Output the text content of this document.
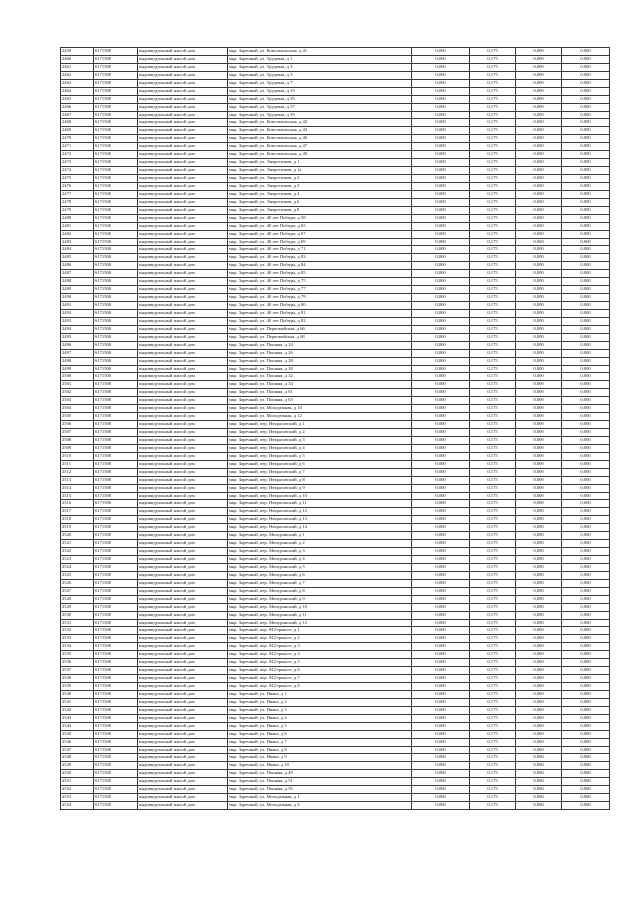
2459	6171500	индивидуальный жилой дом	мкр. Заречный, ул. Комсомольская, д 41	0,000	0,175	0,000	0,000
2460	6171500	индивидуальный жилой дом	мкр. Заречный, ул. Трудовая, д 1	0,000	0,175	0,000	0,000
2461	6171500	индивидуальный жилой дом	мкр. Заречный, ул. Трудовая, д 3	0,000	0,175	0,000	0,000
2462	6171500	индивидуальный жилой дом	мкр. Заречный, ул. Трудовая, д 5	0,000	0,175	0,000	0,000
2463	6171500	индивидуальный жилой дом	мкр. Заречный, ул. Трудовая, д 7	0,000	0,175	0,000	0,000
2464	6171500	индивидуальный жилой дом	мкр. Заречный, ул. Трудовая, д 19	0,000	0,175	0,000	0,000
2465	6171500	индивидуальный жилой дом	мкр. Заречный, ул. Трудовая, д 35	0,000	0,175	0,000	0,000
2466	6171500	индивидуальный жилой дом	мкр. Заречный, ул. Трудовая, д 37	0,000	0,175	0,000	0,000
2467	6171500	индивидуальный жилой дом	мкр. Заречный, ул. Трудовая, д 39	0,000	0,175	0,000	0,000
2468	6171500	индивидуальный жилой дом	мкр. Заречный, ул. Комсомольская, д 42	0,000	0,175	0,000	0,000
2469	6171500	индивидуальный жилой дом	мкр. Заречный, ул. Комсомольская, д 43	0,000	0,175	0,000	0,000
2470	6171500	индивидуальный жилой дом	мкр. Заречный, ул. Комсомольская, д 46	0,000	0,175	0,000	0,000
2471	6171500	индивидуальный жилой дом	мкр. Заречный, ул. Комсомольская, д 47	0,000	0,175	0,000	0,000
2472	6171500	индивидуальный жилой дом	мкр. Заречный, ул. Комсомольская, д 48	0,000	0,175	0,000	0,000
2473	6171500	индивидуальный жилой дом	мкр. Заречный, ул. Энергетиков, д 1	0,000	0,175	0,000	0,000
2474	6171500	индивидуальный жилой дом	мкр. Заречный, ул. Энергетиков, д 1а	0,000	0,175	0,000	0,000
2475	6171500	индивидуальный жилой дом	мкр. Заречный, ул. Энергетиков, д 2	0,000	0,175	0,000	0,000
2476	6171500	индивидуальный жилой дом	мкр. Заречный, ул. Энергетиков, д 3	0,000	0,175	0,000	0,000
2477	6171500	индивидуальный жилой дом	мкр. Заречный, ул. Энергетиков, д 4	0,000	0,175	0,000	0,000
2478	6171500	индивидуальный жилой дом	мкр. Заречный, ул. Энергетиков, д 6	0,000	0,175	0,000	0,000
2479	6171500	индивидуальный жилой дом	мкр. Заречный, ул. Энергетиков, д 8	0,000	0,175	0,000	0,000
2480	6171500	индивидуальный жилой дом	мкр. Заречный, ул. 40 лет Победы, д 58	0,000	0,175	0,000	0,000
2481	6171500	индивидуальный жилой дом	мкр. Заречный, ул. 40 лет Победы, д 65	0,000	0,175	0,000	0,000
2482	6171500	индивидуальный жилой дом	мкр. Заречный, ул. 40 лет Победы, д 67	0,000	0,175	0,000	0,000
2483	6171500	индивидуальный жилой дом	мкр. Заречный, ул. 40 лет Победы, д 69	0,000	0,175	0,000	0,000
2484	6171500	индивидуальный жилой дом	мкр. Заречный, ул. 40 лет Победы, д 71	0,000	0,175	0,000	0,000
2485	6171500	индивидуальный жилой дом	мкр. Заречный, ул. 40 лет Победы, д 83	0,000	0,175	0,000	0,000
2486	6171500	индивидуальный жилой дом	мкр. Заречный, ул. 40 лет Победы, д 84	0,000	0,175	0,000	0,000
2487	6171500	индивидуальный жилой дом	мкр. Заречный, ул. 40 лет Победы, д 85	0,000	0,175	0,000	0,000
2488	6171500	индивидуальный жилой дом	мкр. Заречный, ул. 40 лет Победы, д 75	0,000	0,175	0,000	0,000
2489	6171500	индивидуальный жилой дом	мкр. Заречный, ул. 40 лет Победы, д 77	0,000	0,175	0,000	0,000
2490	6171500	индивидуальный жилой дом	мкр. Заречный, ул. 40 лет Победы, д 79	0,000	0,175	0,000	0,000
2491	6171500	индивидуальный жилой дом	мкр. Заречный, ул. 40 лет Победы, д 80	0,000	0,175	0,000	0,000
2492	6171500	индивидуальный жилой дом	мкр. Заречный, ул. 40 лет Победы, д 81	0,000	0,175	0,000	0,000
2493	6171500	индивидуальный жилой дом	мкр. Заречный, ул. 40 лет Победы, д 82	0,000	0,175	0,000	0,000
2494	6171500	индивидуальный жилой дом	мкр. Заречный, ул. Первомайская, д 66	0,000	0,175	0,000	0,000
2495	6171500	индивидуальный жилой дом	мкр. Заречный, ул. Первомайская, д 68	0,000	0,175	0,000	0,000
2496	6171500	индивидуальный жилой дом	мкр. Заречный, ул. Пошняя, д 24	0,000	0,175	0,000	0,000
2497	6171500	индивидуальный жилой дом	мкр. Заречный, ул. Пошняя, д 26	0,000	0,175	0,000	0,000
2498	6171500	индивидуальный жилой дом	мкр. Заречный, ул. Пошняя, д 28	0,000	0,175	0,000	0,000
2499	6171500	индивидуальный жилой дом	мкр. Заречный, ул. Пошняя, д 30	0,000	0,175	0,000	0,000
2500	6171500	индивидуальный жилой дом	мкр. Заречный, ул. Пошняя, д 32	0,000	0,175	0,000	0,000
2501	6171500	индивидуальный жилой дом	мкр. Заречный, ул. Пошняя, д 34	0,000	0,175	0,000	0,000
2502	6171500	индивидуальный жилой дом	мкр. Заречный, ул. Пошняя, д 61	0,000	0,175	0,000	0,000
2503	6171500	индивидуальный жилой дом	мкр. Заречный, ул. Пошняя, д 63	0,000	0,175	0,000	0,000
2504	6171500	индивидуальный жилой дом	мкр. Заречный, ул. Молодежная, д 10	0,000	0,175	0,000	0,000
2505	6171500	индивидуальный жилой дом	мкр. Заречный, ул. Молодежная, д 12	0,000	0,175	0,000	0,000
2506	6171500	индивидуальный жилой дом	мкр. Заречный, пер. Некрасовский, д 1	0,000	0,175	0,000	0,000
2507	6171500	индивидуальный жилой дом	мкр. Заречный, пер. Некрасовский, д 2	0,000	0,175	0,000	0,000
2508	6171500	индивидуальный жилой дом	мкр. Заречный, пер. Некрасовский, д 3	0,000	0,175	0,000	0,000
2509	6171500	индивидуальный жилой дом	мкр. Заречный, пер. Некрасовский, д 4	0,000	0,175	0,000	0,000
2510	6171500	индивидуальный жилой дом	мкр. Заречный, пер. Некрасовский, д 5	0,000	0,175	0,000	0,000
2511	6171500	индивидуальный жилой дом	мкр. Заречный, пер. Некрасовский, д 6	0,000	0,175	0,000	0,000
2512	6171500	индивидуальный жилой дом	мкр. Заречный, пер. Некрасовский, д 7	0,000	0,175	0,000	0,000
2513	6171500	индивидуальный жилой дом	мкр. Заречный, пер. Некрасовский, д 8	0,000	0,175	0,000	0,000
2514	6171500	индивидуальный жилой дом	мкр. Заречный, пер. Некрасовский, д 9	0,000	0,175	0,000	0,000
2515	6171500	индивидуальный жилой дом	мкр. Заречный, пер. Некрасовский, д 10	0,000	0,175	0,000	0,000
2516	6171500	индивидуальный жилой дом	мкр. Заречный, пер. Некрасовский, д 11	0,000	0,175	0,000	0,000
2517	6171500	индивидуальный жилой дом	мкр. Заречный, пер. Некрасовский, д 12	0,000	0,175	0,000	0,000
2518	6171500	индивидуальный жилой дом	мкр. Заречный, пер. Некрасовский, д 13	0,000	0,175	0,000	0,000
2519	6171500	индивидуальный жилой дом	мкр. Заречный, пер. Некрасовский, д 14	0,000	0,175	0,000	0,000
2520	6171500	индивидуальный жилой дом	мкр. Заречный, пер. Мичуринский, д 1	0,000	0,175	0,000	0,000
2521	6171500	индивидуальный жилой дом	мкр. Заречный, пер. Мичуринский, д 2	0,000	0,175	0,000	0,000
2522	6171500	индивидуальный жилой дом	мкр. Заречный, пер. Мичуринский, д 3	0,000	0,175	0,000	0,000
2523	6171500	индивидуальный жилой дом	мкр. Заречный, пер. Мичуринский, д 4	0,000	0,175	0,000	0,000
2524	6171500	индивидуальный жилой дом	мкр. Заречный, пер. Мичуринский, д 5	0,000	0,175	0,000	0,000
2525	6171500	индивидуальный жилой дом	мкр. Заречный, пер. Мичуринский, д 6	0,000	0,175	0,000	0,000
2526	6171500	индивидуальный жилой дом	мкр. Заречный, пер. Мичуринский, д 7	0,000	0,175	0,000	0,000
2527	6171500	индивидуальный жилой дом	мкр. Заречный, пер. Мичуринский, д 8	0,000	0,175	0,000	0,000
2528	6171500	индивидуальный жилой дом	мкр. Заречный, пер. Мичуринский, д 9	0,000	0,175	0,000	0,000
2529	6171500	индивидуальный жилой дом	мкр. Заречный, пер. Мичуринский, д 10	0,000	0,175	0,000	0,000
2530	6171500	индивидуальный жилой дом	мкр. Заречный, пер. Мичуринский, д 11	0,000	0,175	0,000	0,000
2531	6171500	индивидуальный жилой дом	мкр. Заречный, пер. Мичуринский, д 12	0,000	0,175	0,000	0,000
2532	6171500	индивидуальный жилой дом	мкр. Заречный, пер. М.Горького, д 1	0,000	0,175	0,000	0,000
2533	6171500	индивидуальный жилой дом	мкр. Заречный, пер. М.Горького, д 2	0,000	0,175	0,000	0,000
2534	6171500	индивидуальный жилой дом	мкр. Заречный, пер. М.Горького, д 3	0,000	0,175	0,000	0,000
2535	6171500	индивидуальный жилой дом	мкр. Заречный, пер. М.Горького, д 4	0,000	0,175	0,000	0,000
2536	6171500	индивидуальный жилой дом	мкр. Заречный, пер. М.Горького, д 5	0,000	0,175	0,000	0,000
2537	6171500	индивидуальный жилой дом	мкр. Заречный, пер. М.Горького, д 6	0,000	0,175	0,000	0,000
2538	6171500	индивидуальный жилой дом	мкр. Заречный, пер. М.Горького, д 7	0,000	0,175	0,000	0,000
2539	6171500	индивидуальный жилой дом	мкр. Заречный, пер. М.Горького, д 8	0,000	0,175	0,000	0,000
2540	6171500	индивидуальный жилой дом	мкр. Заречный, ул. Ивана, д 1	0,000	0,175	0,000	0,000
2541	6171500	индивидуальный жилой дом	мкр. Заречный, ул. Ивана, д 2	0,000	0,175	0,000	0,000
2542	6171500	индивидуальный жилой дом	мкр. Заречный, ул. Ивана, д 3	0,000	0,175	0,000	0,000
2543	6171500	индивидуальный жилой дом	мкр. Заречный, ул. Ивана, д 4	0,000	0,175	0,000	0,000
2544	6171500	индивидуальный жилой дом	мкр. Заречный, ул. Ивана, д 5	0,000	0,175	0,000	0,000
2545	6171500	индивидуальный жилой дом	мкр. Заречный, ул. Ивана, д 6	0,000	0,175	0,000	0,000
2546	6171500	индивидуальный жилой дом	мкр. Заречный, ул. Ивана, д 7	0,000	0,175	0,000	0,000
2547	6171500	индивидуальный жилой дом	мкр. Заречный, ул. Ивана, д 8	0,000	0,175	0,000	0,000
2548	6171500	индивидуальный жилой дом	мкр. Заречный, ул. Ивана, д 9	0,000	0,175	0,000	0,000
2549	6171500	индивидуальный жилой дом	мкр. Заречный, ул. Ивана, д 10	0,000	0,175	0,000	0,000
2550	6171500	индивидуальный жилой дом	мкр. Заречный, ул. Пошняя, д 49	0,000	0,175	0,000	0,000
2551	6171500	индивидуальный жилой дом	мкр. Заречный, ул. Пошняя, д 51	0,000	0,175	0,000	0,000
2552	6171500	индивидуальный жилой дом	мкр. Заречный, ул. Пошняя, д 55	0,000	0,175	0,000	0,000
2553	6171500	индивидуальный жилой дом	мкр. Заречный, ул. Молодежная, д 1	0,000	0,175	0,000	0,000
2554	6171500	индивидуальный жилой дом	мкр. Заречный, ул. Молодежная, д 3	0,000	0,175	0,000	0,000
